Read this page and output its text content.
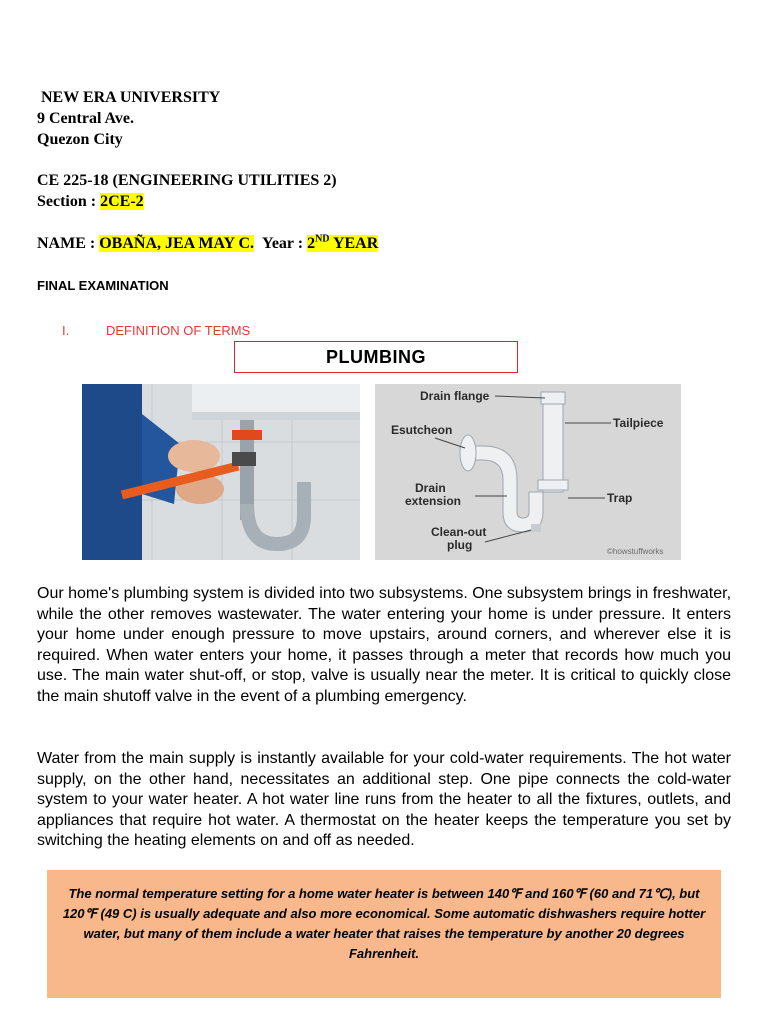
NEW ERA UNIVERSITY
9 Central Ave.
Quezon City
CE 225-18 (ENGINEERING UTILITIES 2)
Section : 2CE-2
NAME : OBAÑA, JEA MAY C. Year : 2ND YEAR
FINAL EXAMINATION
I.	DEFINITION OF TERMS
PLUMBING
Drain flange
Esutcheon	Tailpiece
Drain
extension	Trap
Clean-out
plug	©howstuffworks

Our home's plumbing system is divided into two subsystems. One subsystem brings in freshwater, while the other removes wastewater. The water entering your home is under pressure. It enters your home under enough pressure to move upstairs, around corners, and wherever else it is required. When water enters your home, it passes through a meter that records how much you use. The main water shut-off, or stop, valve is usually near the meter. It is critical to quickly close the main shutoff valve in the event of a plumbing emergency.

Water from the main supply is instantly available for your cold-water requirements. The hot water supply, on the other hand, necessitates an additional step. One pipe connects the cold-water system to your water heater. A hot water line runs from the heater to all the fixtures, outlets, and appliances that require hot water. A thermostat on the heater keeps the temperature you set by switching the heating elements on and off as needed.

The normal temperature setting for a home water heater is between 140℉ and 160℉ (60 and 71℃), but 120℉ (49 C) is usually adequate and also more economical. Some automatic dishwashers require hotter water, but many of them include a water heater that raises the temperature by another 20 degrees Fahrenheit.
